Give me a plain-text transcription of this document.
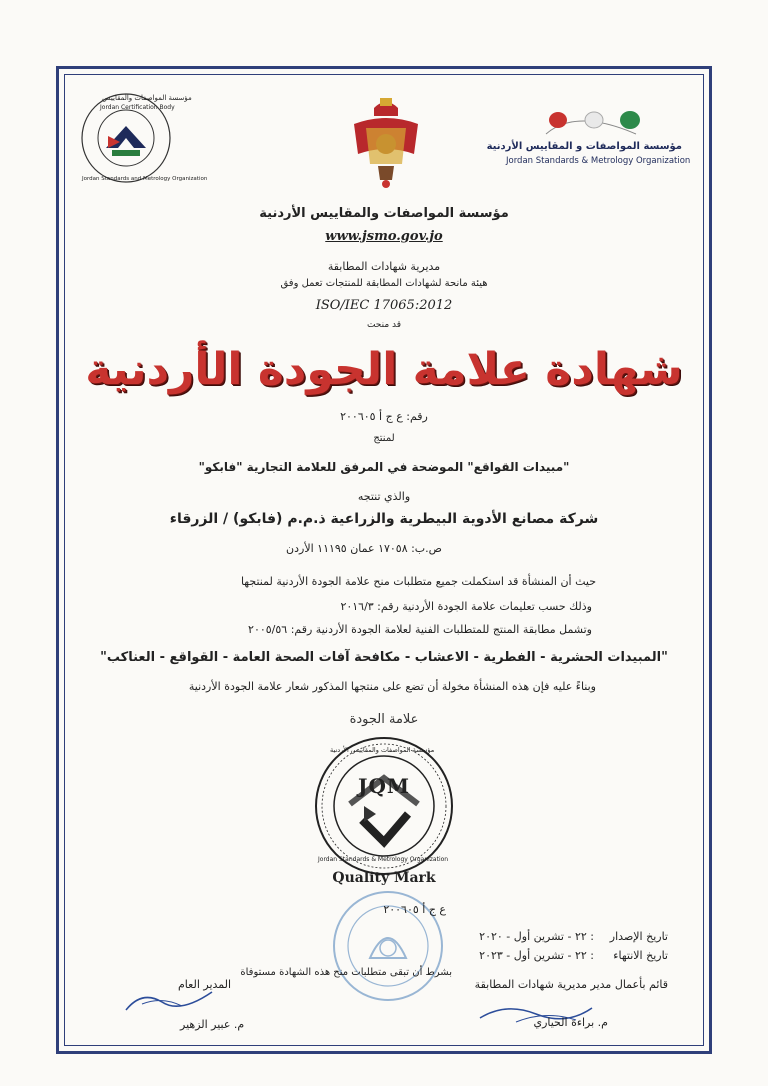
مؤسسة المواصفات والمقاييس
Jordan Certification Body
Jordan Standards and Metrology Organization
مؤسسة المواصفات و المقاييس الأردنية
Jordan Standards & Metrology Organization
مؤسسة المواصفات والمقاييس الأردنية
www.jsmo.gov.jo
مديرية شهادات المطابقة
هيئة مانحة لشهادات المطابقة للمنتجات تعمل وفق
ISO/IEC 17065:2012
قد منحت
شهادة علامة الجودة الأردنية
رقم: ع ج أ ٢٠٠٦٠٥
لمنتج
"مبيدات القواقع" الموضحة في المرفق للعلامة التجارية "فابكو"
والذي تنتجه
شركة مصانع الأدوية البيطرية والزراعية ذ.م.م (فابكو) / الزرقاء
ص.ب: ١٧٠٥٨ عمان ١١١٩٥ الأردن
حيث أن المنشأة قد استكملت جميع متطلبات منح علامة الجودة الأردنية لمنتجها
وذلك حسب تعليمات علامة الجودة الأردنية رقم: ٢٠١٦/٣
وتشمل مطابقة المنتج للمتطلبات الفنية لعلامة الجودة الأردنية رقم: ٢٠٠٥/٥٦
"المبيدات الحشرية - الفطرية - الاعشاب - مكافحة آفات الصحة العامة - القواقع - العناكب"
وبناءً عليه فإن هذه المنشأة مخولة أن تضع على منتجها المذكور شعار علامة الجودة الأردنية
علامة الجودة
JQM
مؤسسة المواصفات والمقاييس الأردنية
Jordan Standards & Metrology Organization
Quality Mark
ع ج أ ٢٠٠٦٠٥
تاريخ الإصدار
: ٢٢ - تشرين أول - ٢٠٢٠
تاريخ الانتهاء
: ٢٢ - تشرين أول - ٢٠٢٣
بشرط أن تبقى متطلبات منح هذه الشهادة مستوفاة
قائم بأعمال مدير مديرية شهادات المطابقة
م. براءة الحياري
المدير العام
م. عبير الزهير
